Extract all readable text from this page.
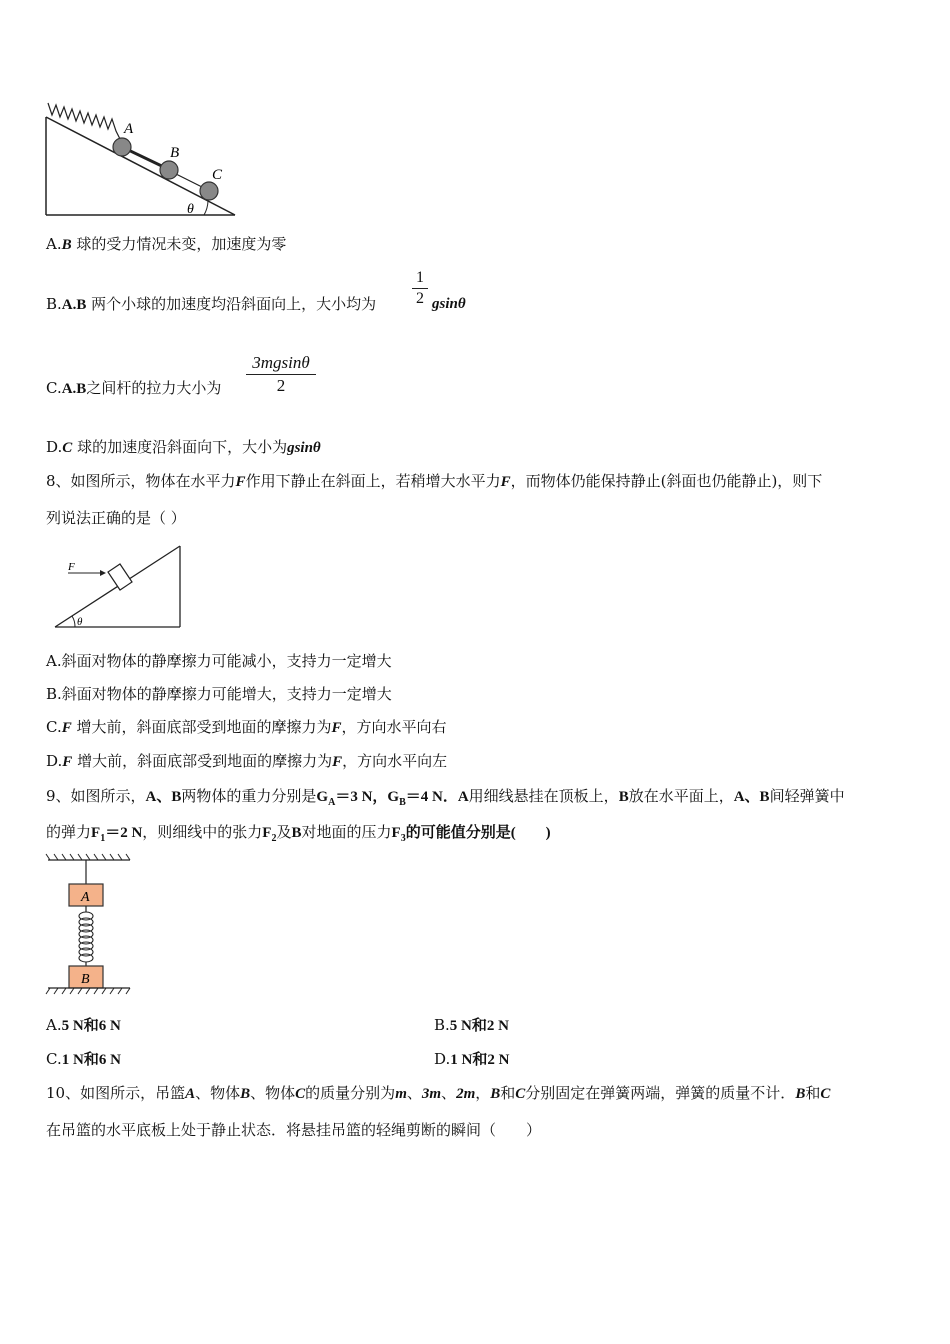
A
B
C
θ
A.B 球的受力情况未变，加速度为零
B.A.B 两个小球的加速度均沿斜面向上，大小均为 $\frac{1}{2}$ gsinθ
C.A.B之间杆的拉力大小为 $\frac{3mgsin\theta}{2}$
D.C 球的加速度沿斜面向下，大小为gsinθ
8、如图所示，物体在水平力F作用下静止在斜面上，若稍增大水平力F，而物体仍能保持静止(斜面也仍能静止)，则下
列说法正确的是（ ）
F
θ
A.斜面对物体的静摩擦力可能减小，支持力一定增大
B.斜面对物体的静摩擦力可能增大，支持力一定增大
C.F 增大前，斜面底部受到地面的摩擦力为F，方向水平向右
D.F 增大前，斜面底部受到地面的摩擦力为F，方向水平向左
9、如图所示，A、B两物体的重力分别是$G_A=3$ N，$G_B=4$ N．A用细线悬挂在顶板上，B放在水平面上，A、B间轻弹簧中
的弹力$F_1=2$ N，则细线中的张力$F_2$及B对地面的压力$F_3$的可能值分别是(　　)
A
B
A.5 N和6 N	B.5 N和2 N
C.1 N和6 N	D.1 N和2 N
10、如图所示，吊篮A、物体B、物体C的质量分别为m、3m、2m，B和C分别固定在弹簧两端，弹簧的质量不计．B和C
在吊篮的水平底板上处于静止状态．将悬挂吊篮的轻绳剪断的瞬间（　　）
